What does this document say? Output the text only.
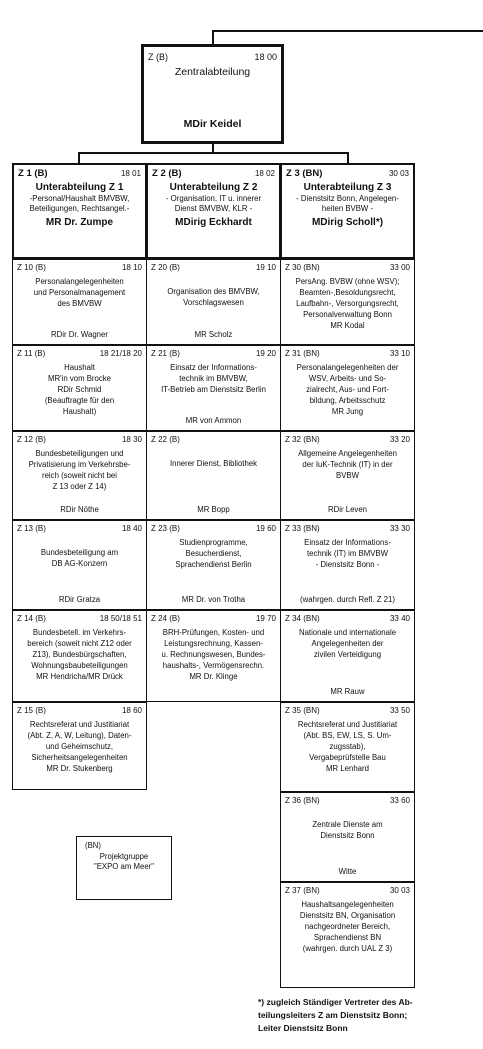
Z (B)	18 00
Zentralabteilung
MDir Keidel
Z 1 (B)	18 01
Unterabteilung Z 1
-Personal/Haushalt BMVBW,
Beteiligungen, Rechtsangel.-
MR Dr. Zumpe
Z 2 (B)	18 02
Unterabteilung Z 2
- Organisation, IT u. innerer
Dienst BMVBW, KLR -
MDirig Eckhardt
Z 3 (BN)	30 03
Unterabteilung Z 3
- Dienstsitz Bonn, Angelegen-
heiten BVBW -
MDirig Scholl*)
Z 10 (B)	18 10
Personalangelegenheiten
und Personalmanagement
des BMVBW
RDir Dr. Wagner
Z 11 (B)	18 21/18 20
Haushalt
MR'in vom Brocke
RDir Schmid
(Beauftragte für den
Haushalt)
Z 12 (B)	18 30
Bundesbeteiligungen und
Privatisierung im Verkehrsbe-
reich (soweit nicht bei
Z 13 oder Z 14)
RDir Nöthe
Z 13 (B)	18 40
Bundesbeteiligung am
DB AG-Konzern
RDir Gratza
Z 14 (B)	18 50/18 51
Bundesbetell. im Verkehrs-
bereich (soweit nicht Z12 oder
Z13), Bundesbürgschaften,
Wohnungsbaubeteiligungen
MR Hendricha/MR Drück
Z 15 (B)	18 60
Rechtsreferat und Justitiariat
(Abt. Z, A, W, Leitung), Daten-
und Geheimschutz,
Sicherheitsangelegenheiten
MR Dr. Stukenberg
Z 20 (B)	19 10
Organisation des BMVBW,
Vorschlagswesen
MR Scholz
Z 21 (B)	19 20
Einsatz der Informations-
technik im BMVBW,
IT-Betrieb am Dienstsitz Berlin
MR von Ammon
Z 22 (B)
Innerer Dienst, Bibliothek
MR Bopp
Z 23 (B)	19 60
Studienprogramme,
Besucherdienst,
Sprachendienst Berlin
MR Dr. von Trotha
Z 24 (B)	19 70
BRH-Prüfungen, Kosten- und
Leistungsrechnung, Kassen-
u. Rechnungswesen, Bundes-
haushalts-, Vermögensrechn.
MR Dr. Klinge
Z 30 (BN)	33 00
PersAng. BVBW (ohne WSV);
Beamten-,Besoldungsrecht,
Laufbahn-, Versorgungsrecht,
Personalverwaltung Bonn
MR Kodal
Z 31 (BN)	33 10
Personalangelegenheiten der
WSV, Arbeits- und So-
zialrecht, Aus- und Fort-
bildung, Arbeitsschutz
MR Jung
Z 32 (BN)	33 20
Allgemeine Angelegenheiten
der IuK-Technik (IT) in der
BVBW
RDir Leven
Z 33 (BN)	33 30
Einsatz der Informations-
technik (IT) im BMVBW
- Dienstsitz Bonn -
(wahrgen. durch Refl. Z 21)
Z 34 (BN)	33 40
Nationale und internationale
Angelegenheiten der
zivilen Verteidigung
MR Rauw
Z 35 (BN)	33 50
Rechtsreferat und Justitiariat
(Abt. BS, EW, LS, S. Um-
zugsstab),
Vergabeprüfstelle Bau
MR Lenhard
Z 36 (BN)	33 60
Zentrale Dienste am
Dienstsitz Bonn
Witte
Z 37 (BN)	30 03
Haushaltsangelegenheiten
Dienstsitz BN, Organisation
nachgeordneter Bereich,
Sprachendienst BN
(wahrgen. durch UAL Z 3)
(BN)
Projektgruppe
"EXPO am Meer"
*) zugleich Ständiger Vertreter des Ab-
teilungsleiters Z am Dienstsitz Bonn;
Leiter Dienstsitz Bonn
